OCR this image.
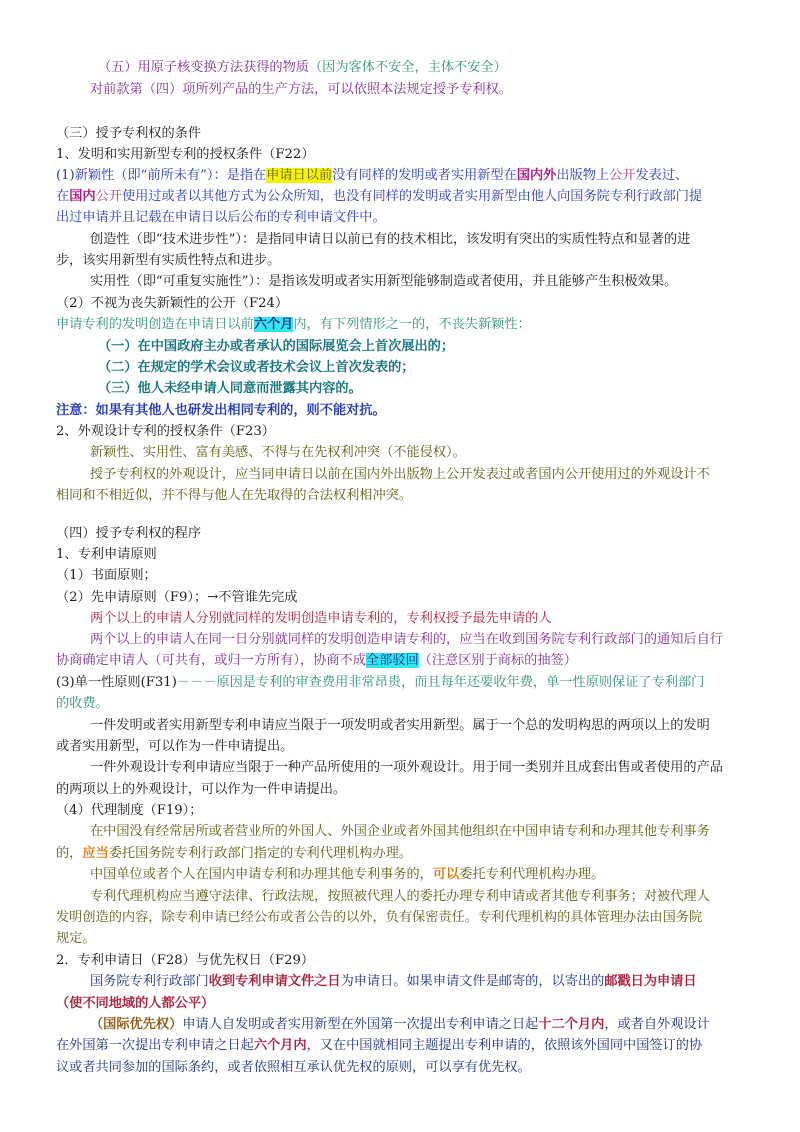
（五）用原子核变换方法获得的物质（因为客体不安全，主体不安全）
对前款第（四）项所列产品的生产方法，可以依照本法规定授予专利权。
（三）授予专利权的条件
1、发明和实用新型专利的授权条件（F22）
(1)新颖性（即“前所未有”）：是指在申请日以前没有同样的发明或者实用新型在国内外出版物上公开发表过、
在国内公开使用过或者以其他方式为公众所知，也没有同样的发明或者实用新型由他人向国务院专利行政部门提
出过申请并且记载在申请日以后公布的专利申请文件中。
创造性（即“技术进步性”）：是指同申请日以前已有的技术相比，该发明有突出的实质性特点和显著的进
步，该实用新型有实质性特点和进步。
实用性（即“可重复实施性”）：是指该发明或者实用新型能够制造或者使用，并且能够产生积极效果。
（2）不视为丧失新颖性的公开（F24）
申请专利的发明创造在申请日以前六个月内，有下列情形之一的，不丧失新颖性：
（一）在中国政府主办或者承认的国际展览会上首次展出的；
（二）在规定的学术会议或者技术会议上首次发表的；
（三）他人未经申请人同意而泄露其内容的。
注意：如果有其他人也研发出相同专利的，则不能对抗。
2、外观设计专利的授权条件（F23）
新颖性、实用性、富有美感、不得与在先权利冲突（不能侵权）。
授予专利权的外观设计，应当同申请日以前在国内外出版物上公开发表过或者国内公开使用过的外观设计不
相同和不相近似，并不得与他人在先取得的合法权利相冲突。
（四）授予专利权的程序
1、专利申请原则
（1）书面原则；
（2）先申请原则（F9）；→不管谁先完成
两个以上的申请人分别就同样的发明创造申请专利的，专利权授予最先申请的人
两个以上的申请人在同一日分别就同样的发明创造申请专利的，应当在收到国务院专利行政部门的通知后自行
协商确定申请人（可共有，或归一方所有），协商不成全部驳回（注意区别于商标的抽签）
(3)单一性原则(F31)－－－原因是专利的审查费用非常昂贵，而且每年还要收年费，单一性原则保证了专利部门
的收费。
一件发明或者实用新型专利申请应当限于一项发明或者实用新型。属于一个总的发明构思的两项以上的发明
或者实用新型，可以作为一件申请提出。
一件外观设计专利申请应当限于一种产品所使用的一项外观设计。用于同一类别并且成套出售或者使用的产品
的两项以上的外观设计，可以作为一件申请提出。
（4）代理制度（F19）；
在中国没有经常居所或者营业所的外国人、外国企业或者外国其他组织在中国申请专利和办理其他专利事务
的，应当委托国务院专利行政部门指定的专利代理机构办理。
中国单位或者个人在国内申请专利和办理其他专利事务的，可以委托专利代理机构办理。
专利代理机构应当遵守法律、行政法规，按照被代理人的委托办理专利申请或者其他专利事务；对被代理人
发明创造的内容，除专利申请已经公布或者公告的以外，负有保密责任。专利代理机构的具体管理办法由国务院
规定。
2．专利申请日（F28）与优先权日（F29）
国务院专利行政部门收到专利申请文件之日为申请日。如果申请文件是邮寄的，以寄出的邮戳日为申请日
（使不同地域的人都公平）
（国际优先权）申请人自发明或者实用新型在外国第一次提出专利申请之日起十二个月内，或者自外观设计
在外国第一次提出专利申请之日起六个月内，又在中国就相同主题提出专利申请的，依照该外国同中国签订的协
议或者共同参加的国际条约，或者依照相互承认优先权的原则，可以享有优先权。
